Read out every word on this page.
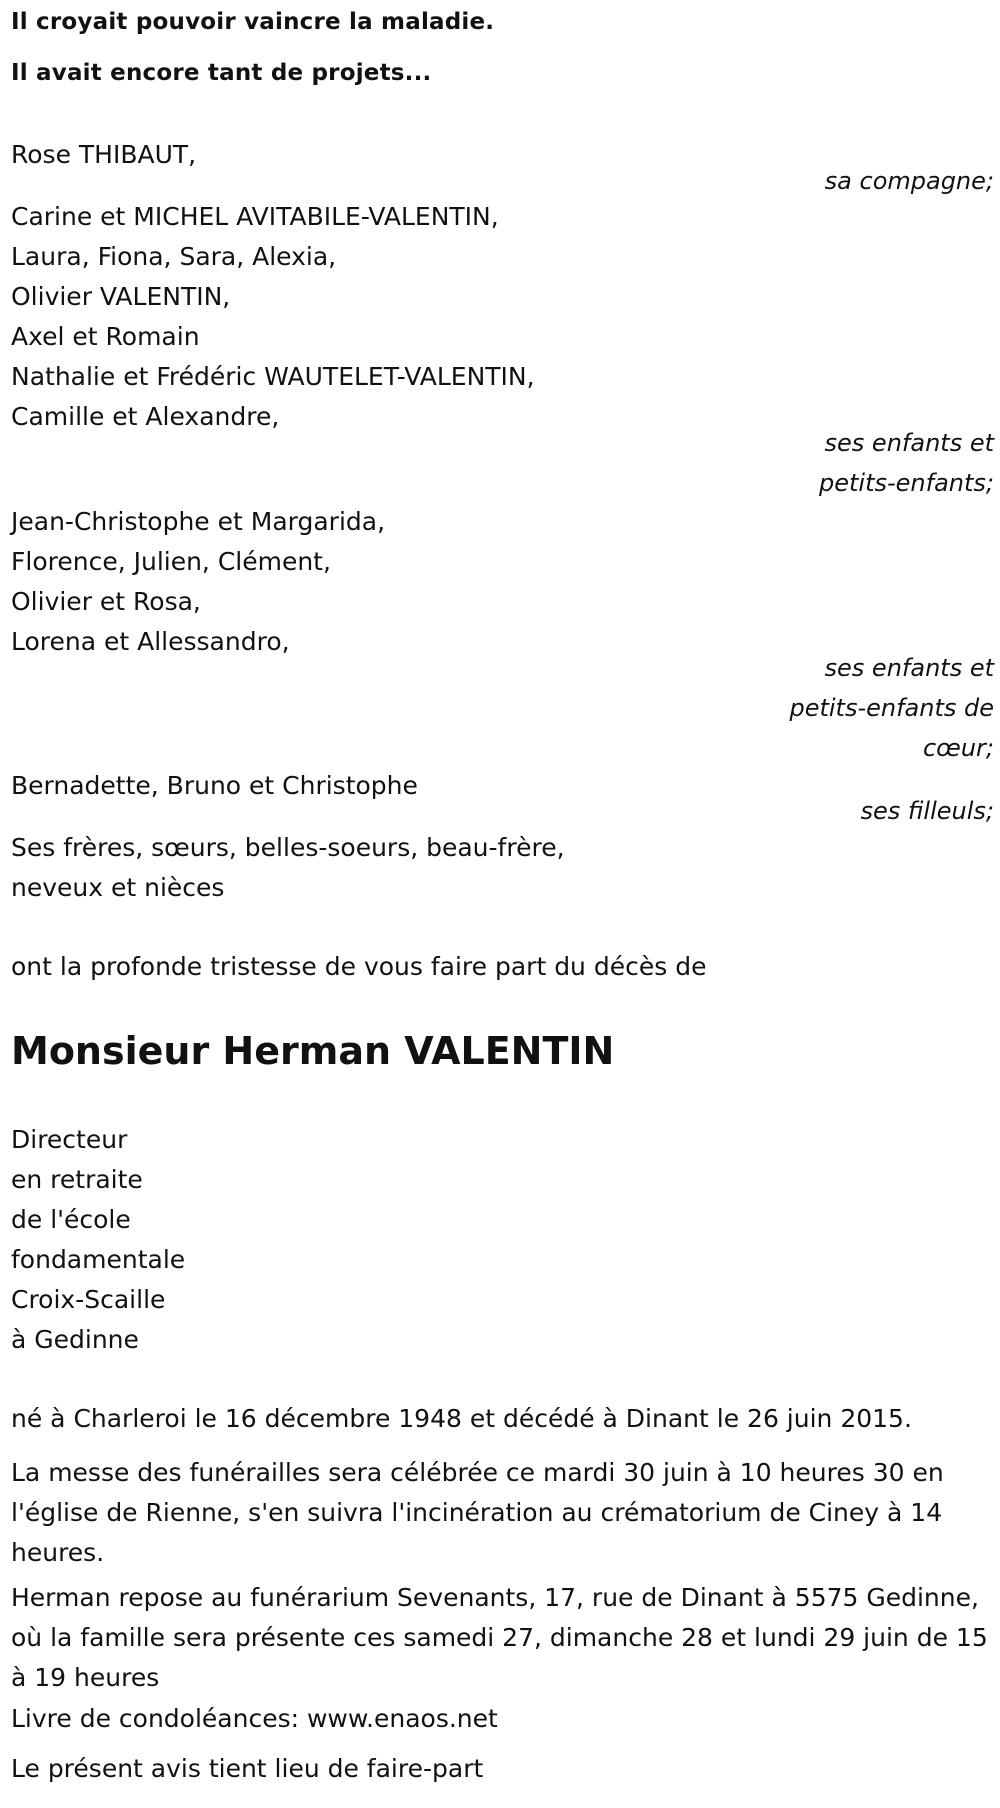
Il croyait pouvoir vaincre la maladie.

Il avait encore tant de projets...

Rose THIBAUT,

sa compagne;

Carine et MICHEL AVITABILE-VALENTIN,

Laura, Fiona, Sara, Alexia,

Olivier VALENTIN,

Axel et Romain

Nathalie et Frédéric WAUTELET-VALENTIN,

Camille et Alexandre,

ses enfants et

petits-enfants;

Jean-Christophe et Margarida,

Florence, Julien, Clément,

Olivier et Rosa,

Lorena et Allessandro,

ses enfants et

petits-enfants de

cœur;

Bernadette, Bruno et Christophe

ses filleuls;

Ses frères, sœurs, belles-soeurs, beau-frère,

neveux et nièces

ont la profonde tristesse de vous faire part du décès de

Monsieur Herman VALENTIN

Directeur

en retraite

de l'école

fondamentale

Croix-Scaille

à Gedinne

né à Charleroi le 16 décembre 1948 et décédé à Dinant le 26 juin 2015.

La messe des funérailles sera célébrée ce mardi 30 juin à 10 heures 30 en l'église de Rienne, s'en suivra l'incinération au crématorium de Ciney à 14 heures.

Herman repose au funérarium Sevenants, 17, rue de Dinant à 5575 Gedinne, où la famille sera présente ces samedi 27, dimanche 28 et lundi 29 juin de 15 à 19 heures

Livre de condoléances: www.enaos.net

Le présent avis tient lieu de faire-part
